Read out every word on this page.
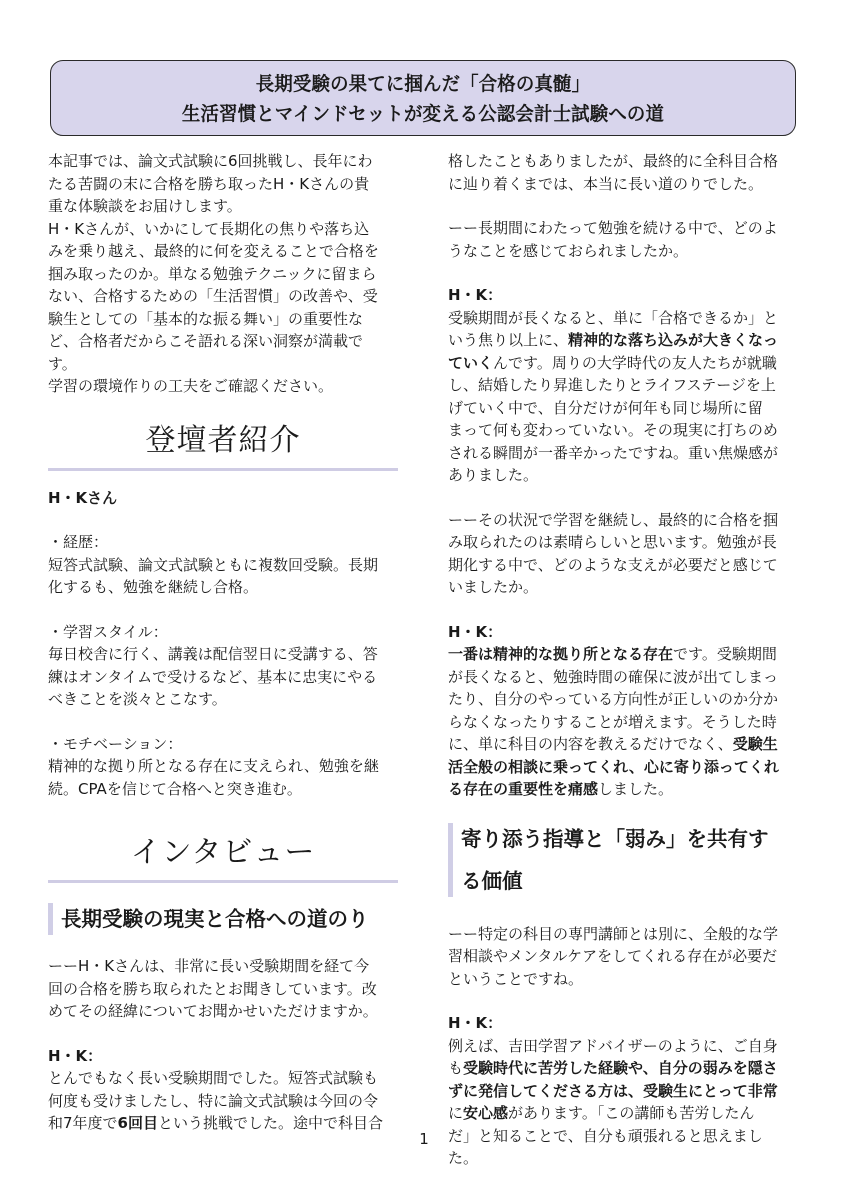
長期受験の果てに掴んだ「合格の真髄」
生活習慣とマインドセットが変える公認会計士試験への道
本記事では、論文式試験に6回挑戦し、長年にわ
たる苦闘の末に合格を勝ち取ったH・Kさんの貴
重な体験談をお届けします。
H・Kさんが、いかにして長期化の焦りや落ち込
みを乗り越え、最終的に何を変えることで合格を
掴み取ったのか。単なる勉強テクニックに留まら
ない、合格するための「生活習慣」の改善や、受
験生としての「基本的な振る舞い」の重要性な
ど、合格者だからこそ語れる深い洞察が満載で
す。
学習の環境作りの工夫をご確認ください。
登壇者紹介
H・Kさん
・経歴：
短答式試験、論文式試験ともに複数回受験。長期
化するも、勉強を継続し合格。
・学習スタイル：
毎日校舎に行く、講義は配信翌日に受講する、答
練はオンタイムで受けるなど、基本に忠実にやる
べきことを淡々とこなす。
・モチベーション：
精神的な拠り所となる存在に支えられ、勉強を継
続。CPAを信じて合格へと突き進む。
インタビュー
長期受験の現実と合格への道のり
ーーH・Kさんは、非常に長い受験期間を経て今
回の合格を勝ち取られたとお聞きしています。改
めてその経緯についてお聞かせいただけますか。
H・K：
とんでもなく長い受験期間でした。短答式試験も
何度も受けましたし、特に論文式試験は今回の令
和7年度で6回目という挑戦でした。途中で科目合
格したこともありましたが、最終的に全科目合格
に辿り着くまでは、本当に長い道のりでした。
ーー長期間にわたって勉強を続ける中で、どのよ
うなことを感じておられましたか。
H・K：
受験期間が長くなると、単に「合格できるか」と
いう焦り以上に、精神的な落ち込みが大きくなっ
ていくんです。周りの大学時代の友人たちが就職
し、結婚したり昇進したりとライフステージを上
げていく中で、自分だけが何年も同じ場所に留
まって何も変わっていない。その現実に打ちのめ
される瞬間が一番辛かったですね。重い焦燥感が
ありました。
ーーその状況で学習を継続し、最終的に合格を掴
み取られたのは素晴らしいと思います。勉強が長
期化する中で、どのような支えが必要だと感じて
いましたか。
H・K：
一番は精神的な拠り所となる存在です。受験期間
が長くなると、勉強時間の確保に波が出てしまっ
たり、自分のやっている方向性が正しいのか分か
らなくなったりすることが増えます。そうした時
に、単に科目の内容を教えるだけでなく、受験生
活全般の相談に乗ってくれ、心に寄り添ってくれ
る存在の重要性を痛感しました。
寄り添う指導と「弱み」を共有す
る価値
ーー特定の科目の専門講師とは別に、全般的な学
習相談やメンタルケアをしてくれる存在が必要だ
ということですね。
H・K：
例えば、吉田学習アドバイザーのように、ご自身
も受験時代に苦労した経験や、自分の弱みを隠さ
ずに発信してくださる方は、受験生にとって非常
に安心感があります。「この講師も苦労したん
だ」と知ることで、自分も頑張れると思えまし
た。
1
